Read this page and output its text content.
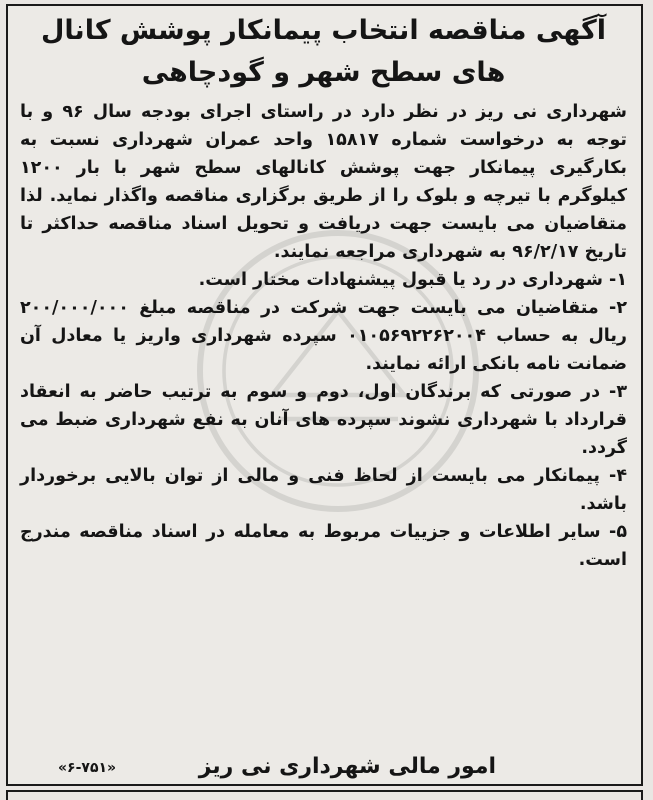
آگهی مناقصه انتخاب پیمانکار پوشش کانال های سطح شهر و گودچاهی

شهرداری نی ریز در نظر دارد در راستای اجرای بودجه سال ۹۶ و با توجه به درخواست شماره ۱۵۸۱۷ واحد عمران شهرداری نسبت به بکارگیری پیمانکار جهت پوشش کانالهای سطح شهر با بار ۱۲۰۰ کیلوگرم با تیرچه و بلوک را از طریق برگزاری مناقصه واگذار نماید. لذا متقاضیان می بایست جهت دریافت و تحویل اسناد مناقصه حداکثر تا تاریخ ۹۶/۲/۱۷ به شهرداری مراجعه نمایند.

۱- شهرداری در رد یا قبول پیشنهادات مختار است.

۲- متقاضیان می بایست جهت شرکت در مناقصه مبلغ ۲۰۰/۰۰۰/۰۰۰ ریال به حساب ۰۱۰۵۶۹۲۲۶۲۰۰۴ سپرده شهرداری واریز یا معادل آن ضمانت نامه بانکی ارائه نمایند.

۳- در صورتی که برندگان اول، دوم و سوم به ترتیب حاضر به انعقاد قرارداد با شهرداری نشوند سپرده های آنان به نفع شهرداری ضبط می گردد.

۴- پیمانکار می بایست از لحاظ فنی و مالی از توان بالایی برخوردار باشد.

۵- سایر اطلاعات و جزییات مربوط به معامله در اسناد مناقصه مندرج است.

امور مالی شهرداری نی ریز
«۶-۷۵۱»
